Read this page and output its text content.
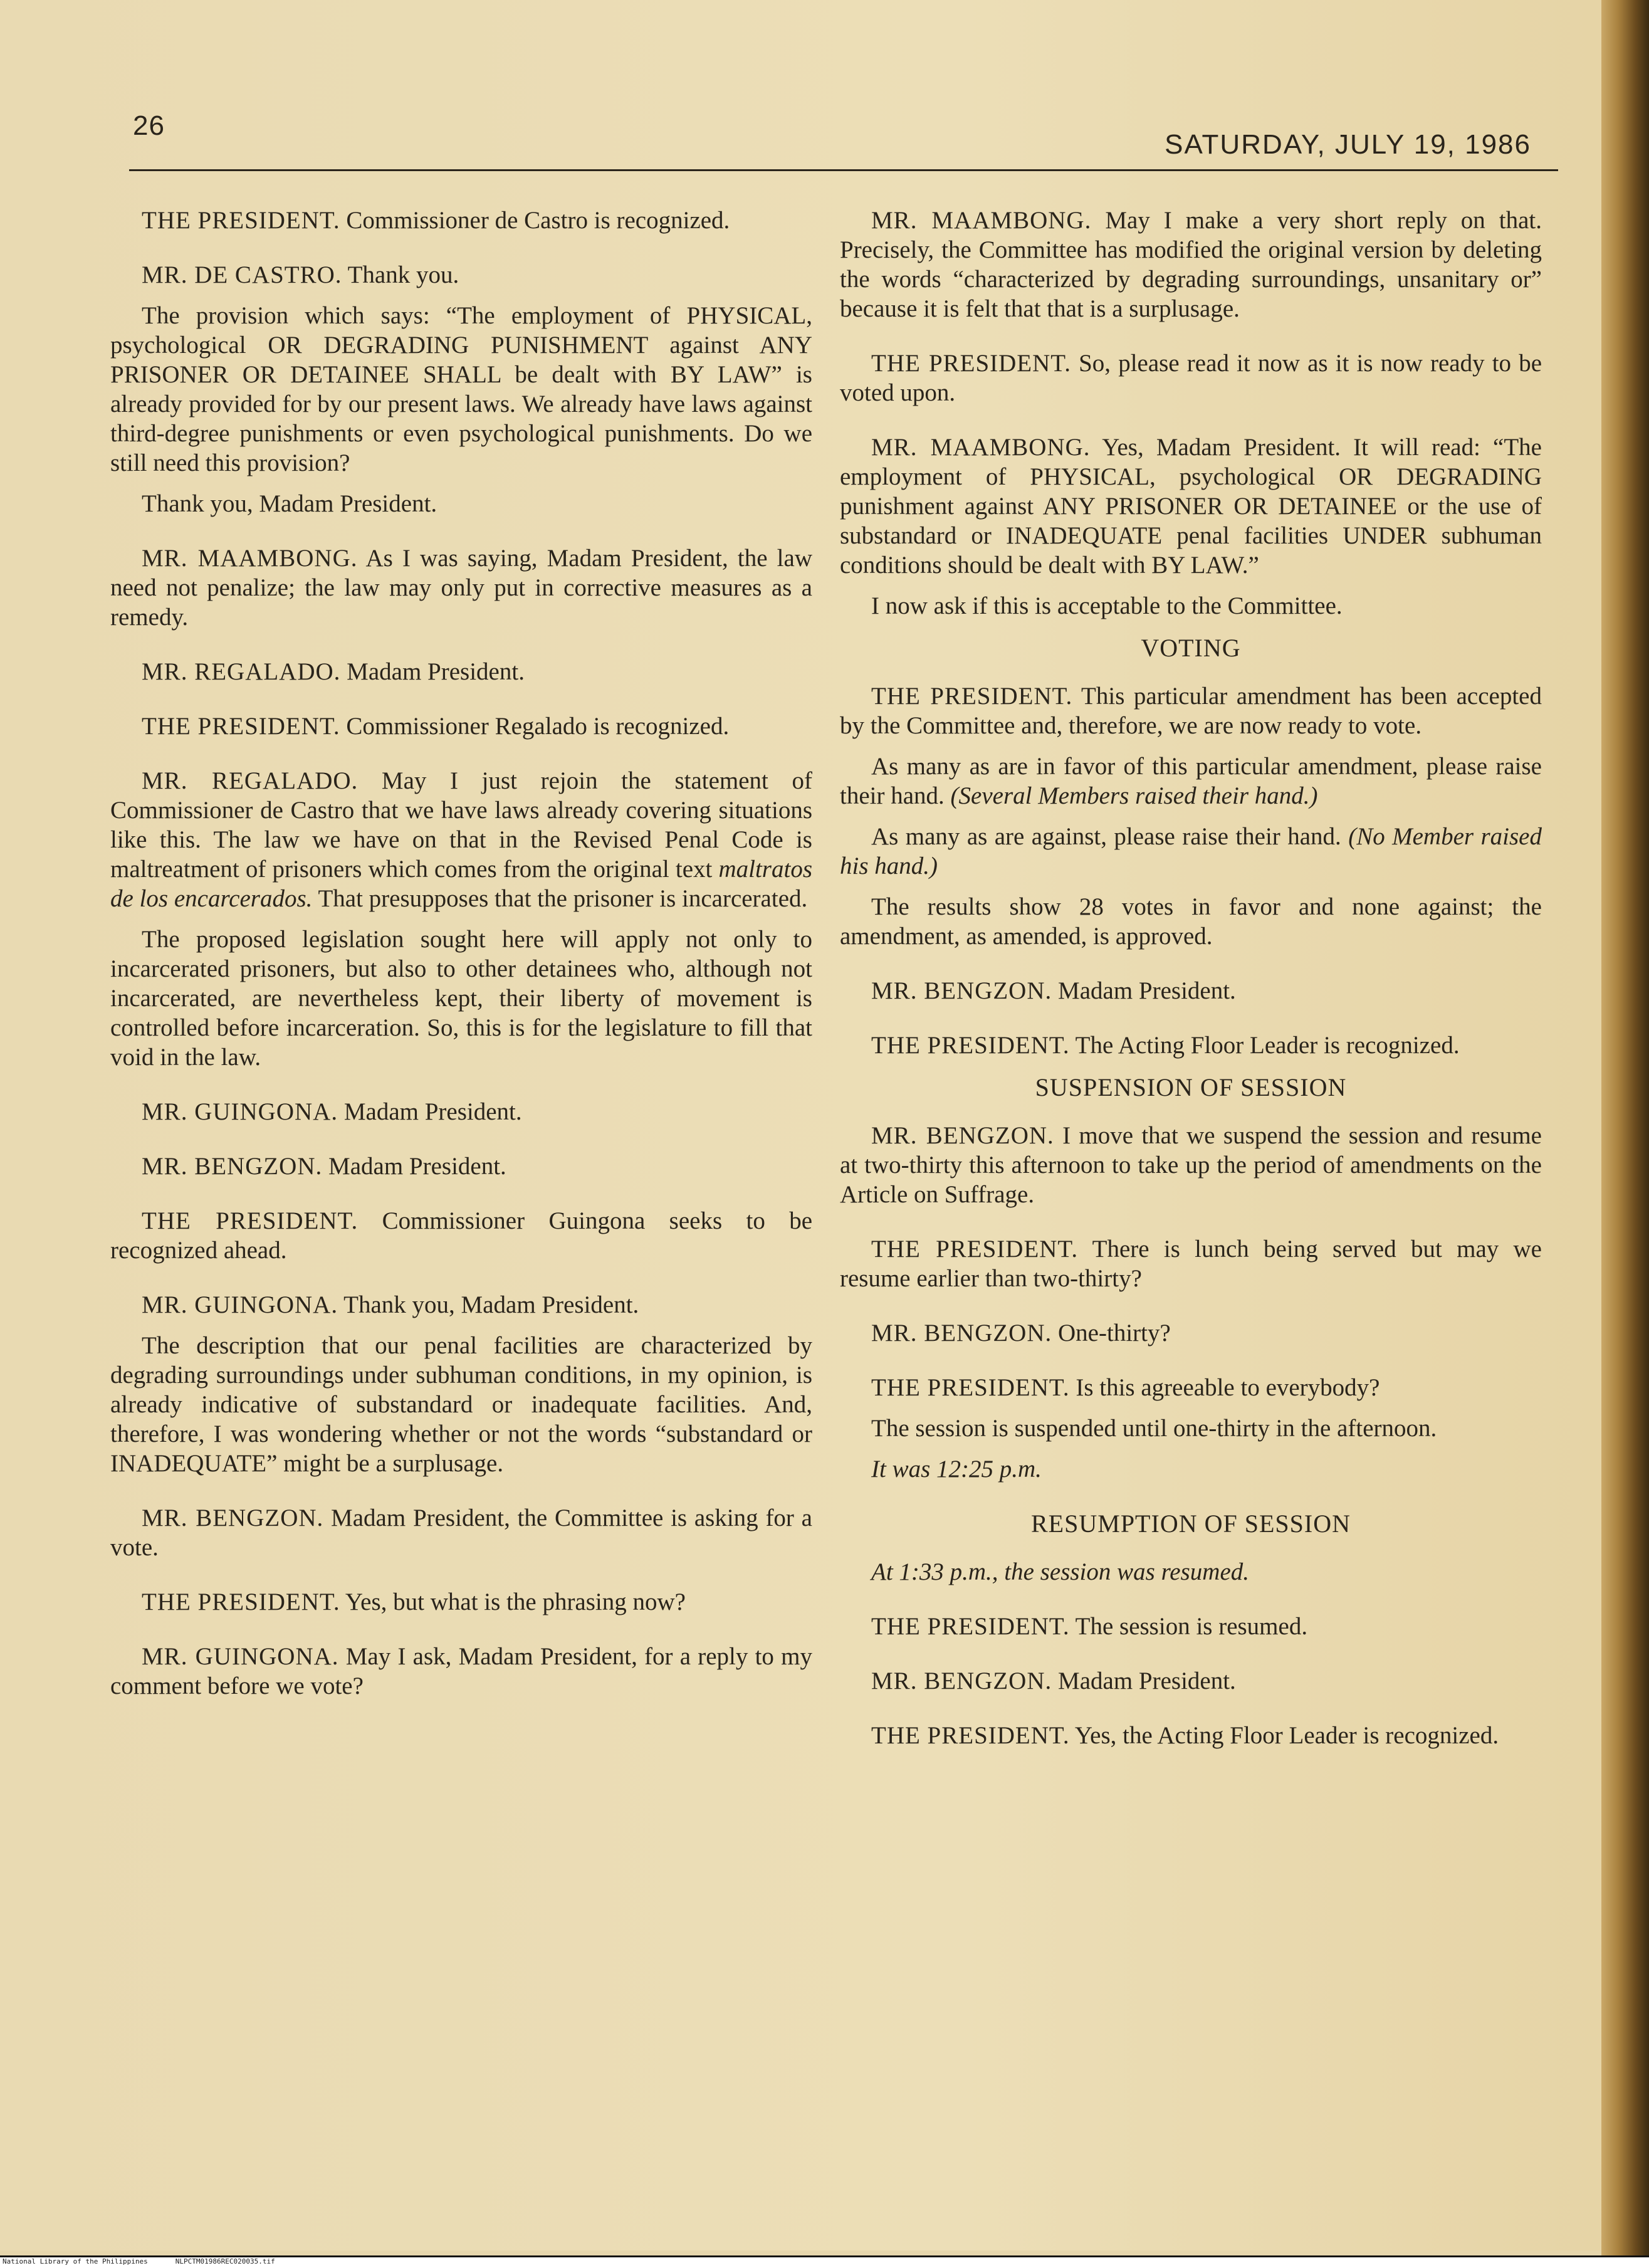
26
SATURDAY, JULY 19, 1986

THE PRESIDENT. Commissioner de Castro is recognized.

MR. DE CASTRO. Thank you.

The provision which says: “The employment of PHYSICAL, psychological OR DEGRADING PUNISHMENT against ANY PRISONER OR DETAINEE SHALL be dealt with BY LAW” is already provided for by our present laws. We already have laws against third-degree punishments or even psychological punishments. Do we still need this provision?

Thank you, Madam President.

MR. MAAMBONG. As I was saying, Madam President, the law need not penalize; the law may only put in corrective measures as a remedy.

MR. REGALADO. Madam President.

THE PRESIDENT. Commissioner Regalado is recognized.

MR. REGALADO. May I just rejoin the statement of Commissioner de Castro that we have laws already covering situations like this. The law we have on that in the Revised Penal Code is maltreatment of prisoners which comes from the original text maltratos de los encarcerados. That presupposes that the prisoner is incarcerated.

The proposed legislation sought here will apply not only to incarcerated prisoners, but also to other detainees who, although not incarcerated, are nevertheless kept, their liberty of movement is controlled before incarceration. So, this is for the legislature to fill that void in the law.

MR. GUINGONA. Madam President.

MR. BENGZON. Madam President.

THE PRESIDENT. Commissioner Guingona seeks to be recognized ahead.

MR. GUINGONA. Thank you, Madam President.

The description that our penal facilities are characterized by degrading surroundings under subhuman conditions, in my opinion, is already indicative of substandard or inadequate facilities. And, therefore, I was wondering whether or not the words “substandard or INADEQUATE” might be a surplusage.

MR. BENGZON. Madam President, the Committee is asking for a vote.

THE PRESIDENT. Yes, but what is the phrasing now?

MR. GUINGONA. May I ask, Madam President, for a reply to my comment before we vote?

MR. MAAMBONG. May I make a very short reply on that. Precisely, the Committee has modified the original version by deleting the words “characterized by degrading surroundings, unsanitary or” because it is felt that that is a surplusage.

THE PRESIDENT. So, please read it now as it is now ready to be voted upon.

MR. MAAMBONG. Yes, Madam President. It will read: “The employment of PHYSICAL, psychological OR DEGRADING punishment against ANY PRISONER OR DETAINEE or the use of substandard or INADEQUATE penal facilities UNDER subhuman conditions should be dealt with BY LAW.”

I now ask if this is acceptable to the Committee.

VOTING

THE PRESIDENT. This particular amendment has been accepted by the Committee and, therefore, we are now ready to vote.

As many as are in favor of this particular amendment, please raise their hand. (Several Members raised their hand.)

As many as are against, please raise their hand. (No Member raised his hand.)

The results show 28 votes in favor and none against; the amendment, as amended, is approved.

MR. BENGZON. Madam President.

THE PRESIDENT. The Acting Floor Leader is recognized.

SUSPENSION OF SESSION

MR. BENGZON. I move that we suspend the session and resume at two-thirty this afternoon to take up the period of amendments on the Article on Suffrage.

THE PRESIDENT. There is lunch being served but may we resume earlier than two-thirty?

MR. BENGZON. One-thirty?

THE PRESIDENT. Is this agreeable to everybody?

The session is suspended until one-thirty in the afternoon.

It was 12:25 p.m.

RESUMPTION OF SESSION

At 1:33 p.m., the session was resumed.

THE PRESIDENT. The session is resumed.

MR. BENGZON. Madam President.

THE PRESIDENT. Yes, the Acting Floor Leader is recognized.

National Library of the Philippines	NLPCTM01986REC020035.tif
